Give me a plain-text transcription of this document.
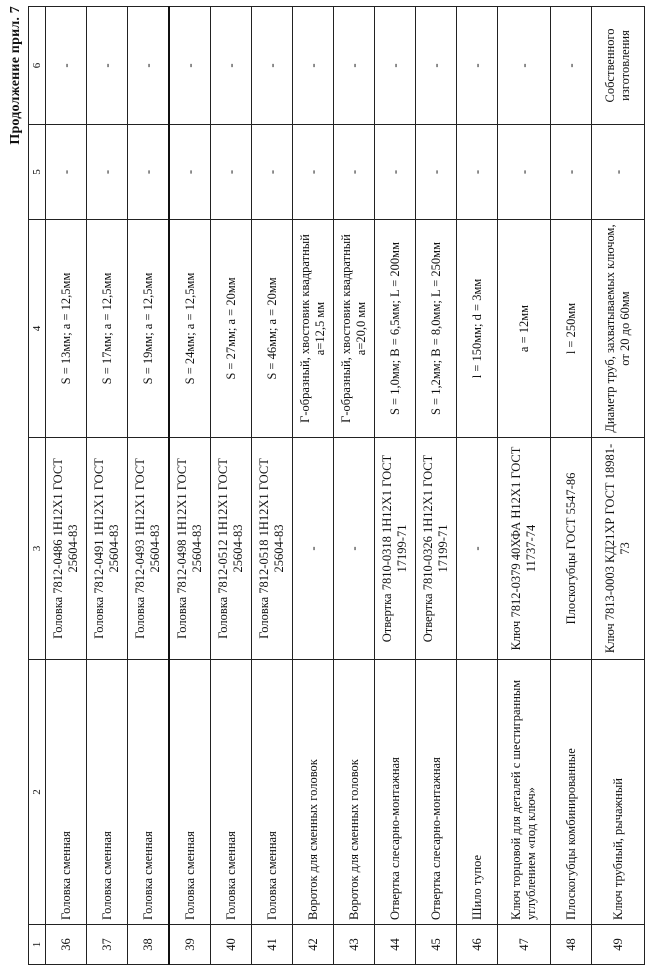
Продолжение прил. 7
1	2	3	4	5	6
36	Головка сменная	Головка 7812-0486 1Н12Х1 ГОСТ 25604-83	S = 13мм; a = 12,5мм	-	-
37	Головка сменная	Головка 7812-0491 1Н12Х1 ГОСТ 25604-83	S = 17мм; a = 12,5мм	-	-
38	Головка сменная	Головка 7812-0493 1Н12Х1 ГОСТ 25604-83	S = 19мм; a = 12,5мм	-	-
39	Головка сменная	Головка 7812-0498 1Н12Х1 ГОСТ 25604-83	S = 24мм; a = 12,5мм	-	-
40	Головка сменная	Головка 7812-0512 1Н12Х1 ГОСТ 25604-83	S = 27мм; a = 20мм	-	-
41	Головка сменная	Головка 7812-0518 1Н12Х1 ГОСТ 25604-83	S = 46мм; a = 20мм	-	-
42	Вороток для сменных головок	-	Г-образный, хвостовик квадратный a=12,5 мм	-	-
43	Вороток для сменных головок	-	Г-образный, хвостовик квадратный a=20,0 мм	-	-
44	Отвертка слесарно-монтажная	Отвертка 7810-0318 1Н12Х1 ГОСТ 17199-71	S = 1,0мм; B = 6,5мм; L = 200мм	-	-
45	Отвертка слесарно-монтажная	Отвертка 7810-0326 1Н12Х1 ГОСТ 17199-71	S = 1,2мм; B = 8,0мм; L = 250мм	-	-
46	Шило тупое	-	l = 150мм; d = 3мм	-	-
47	Ключ торцовой для деталей с шестигранным углублением «под ключ»	Ключ 7812-0379 40ХФА Н12Х1 ГОСТ 11737-74	a = 12мм	-	-
48	Плоскогубцы комбинированные	Плоскогубцы ГОСТ 5547-86	l = 250мм	-	-
49	Ключ трубный, рычажный	Ключ 7813-0003 КД21ХР ГОСТ 18981-73	Диаметр труб, захватываемых ключом, от 20 до 60мм	-	Собственного изготовления
